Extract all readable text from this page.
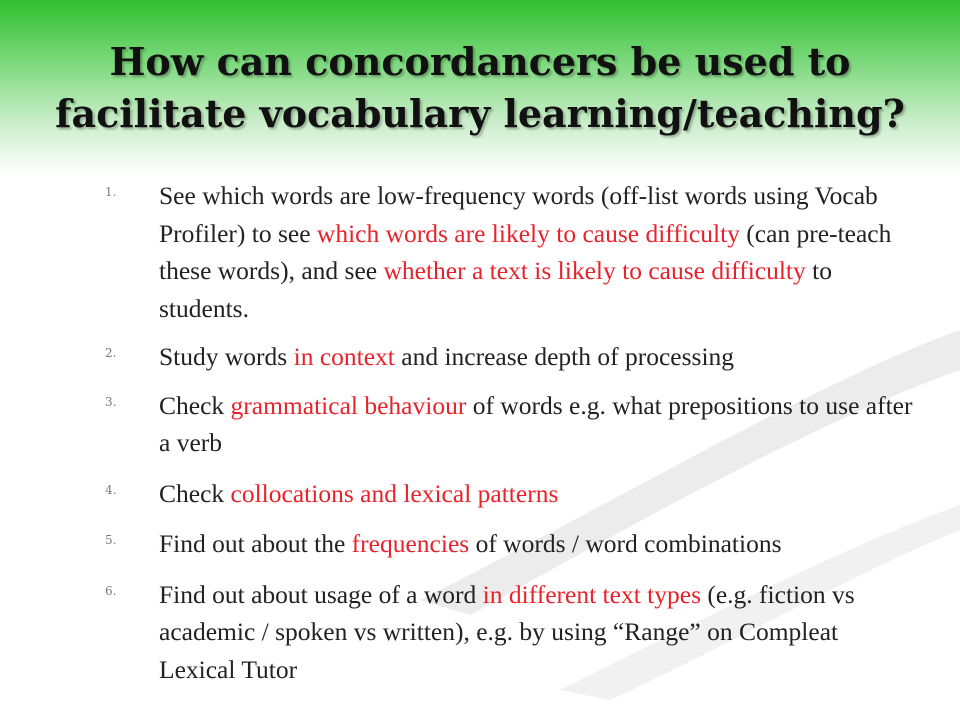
How can concordancers be used to
facilitate vocabulary learning/teaching?
1. See which words are low-frequency words (off-list words using Vocab Profiler) to see which words are likely to cause difficulty (can pre-teach these words), and see whether a text is likely to cause difficulty to students.
2. Study words in context and increase depth of processing
3. Check grammatical behaviour of words e.g. what prepositions to use after a verb
4. Check collocations and lexical patterns
5. Find out about the frequencies of words / word combinations
6. Find out about usage of a word in different text types (e.g. fiction vs academic / spoken vs written), e.g. by using “Range” on Compleat Lexical Tutor
